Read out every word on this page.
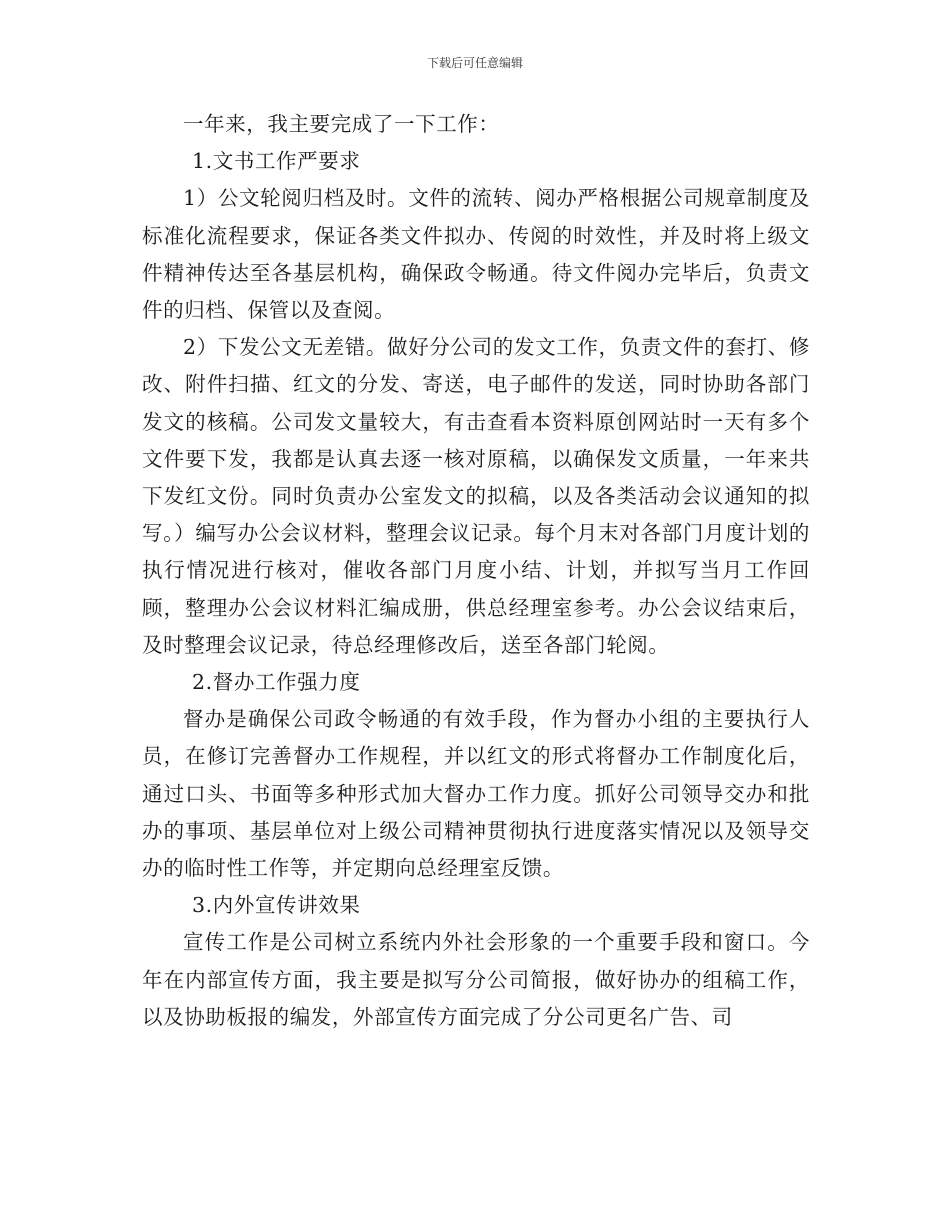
下载后可任意编辑

一年来，我主要完成了一下工作：

1.文书工作严要求

1）公文轮阅归档及时。文件的流转、阅办严格根据公司规章制度及标准化流程要求，保证各类文件拟办、传阅的时效性，并及时将上级文件精神传达至各基层机构，确保政令畅通。待文件阅办完毕后，负责文件的归档、保管以及查阅。

2）下发公文无差错。做好分公司的发文工作，负责文件的套打、修改、附件扫描、红文的分发、寄送，电子邮件的发送，同时协助各部门发文的核稿。公司发文量较大，有击查看本资料原创网站时一天有多个文件要下发，我都是认真去逐一核对原稿，以确保发文质量，一年来共下发红文份。同时负责办公室发文的拟稿，以及各类活动会议通知的拟写。）编写办公会议材料，整理会议记录。每个月末对各部门月度计划的执行情况进行核对，催收各部门月度小结、计划，并拟写当月工作回顾，整理办公会议材料汇编成册，供总经理室参考。办公会议结束后，及时整理会议记录，待总经理修改后，送至各部门轮阅。

2.督办工作强力度

督办是确保公司政令畅通的有效手段，作为督办小组的主要执行人员，在修订完善督办工作规程，并以红文的形式将督办工作制度化后，通过口头、书面等多种形式加大督办工作力度。抓好公司领导交办和批办的事项、基层单位对上级公司精神贯彻执行进度落实情况以及领导交办的临时性工作等，并定期向总经理室反馈。

3.内外宣传讲效果

宣传工作是公司树立系统内外社会形象的一个重要手段和窗口。今年在内部宣传方面，我主要是拟写分公司简报，做好协办的组稿工作，以及协助板报的编发，外部宣传方面完成了分公司更名广告、司
